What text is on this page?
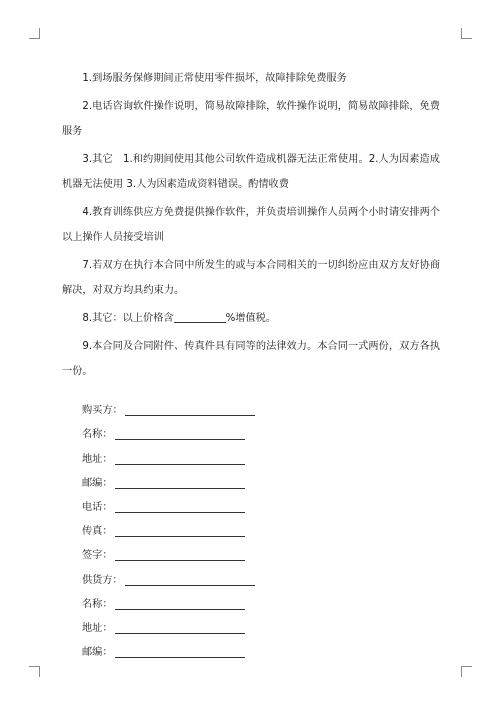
1.到场服务保修期间正常使用零件损坏，故障排除免费服务

2.电话咨询软件操作说明，简易故障排除，软件操作说明，简易故障排除，免费服务

3.其它　1.和约期间使用其他公司软件造成机器无法正常使用。2.人为因素造成机器无法使用 3.人为因素造成资料错误。酌情收费

4.教育训练供应方免费提供操作软件，并负责培训操作人员两个小时请安排两个以上操作人员接受培训

7.若双方在执行本合同中所发生的或与本合同相关的一切纠纷应由双方友好协商解决，对双方均具约束力。

8.其它：以上价格含	%增值税。

9.本合同及合同附件、传真件具有同等的法律效力。本合同一式两份，双方各执一份。

购买方：
名称：
地址：
邮编：
电话：
传真：
签字：
供货方：
名称：
地址：
邮编：
